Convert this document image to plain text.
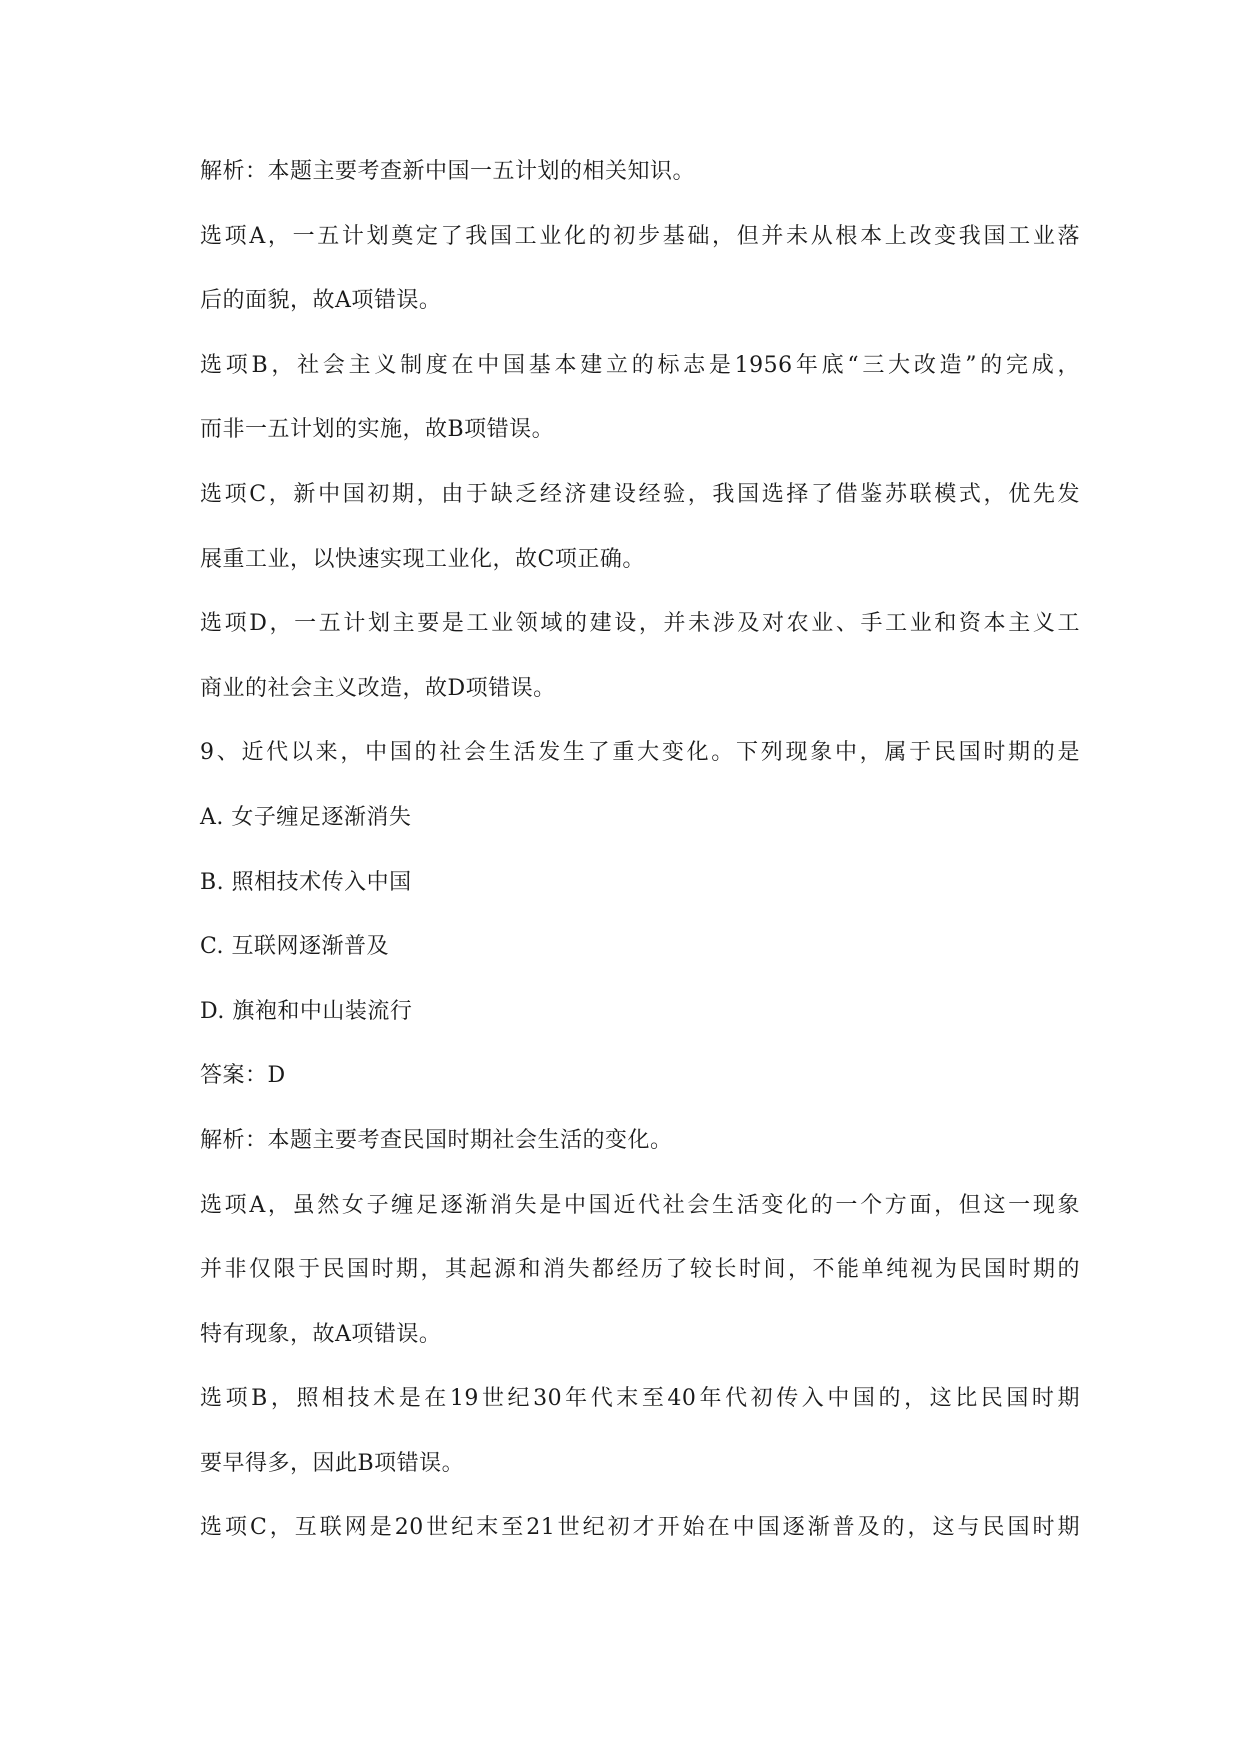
解析：本题主要考查新中国一五计划的相关知识。
选项A，一五计划奠定了我国工业化的初步基础，但并未从根本上改变我国工业落
后的面貌，故A项错误。
选项B，社会主义制度在中国基本建立的标志是1956年底“三大改造”的完成，
而非一五计划的实施，故B项错误。
选项C，新中国初期，由于缺乏经济建设经验，我国选择了借鉴苏联模式，优先发
展重工业，以快速实现工业化，故C项正确。
选项D，一五计划主要是工业领域的建设，并未涉及对农业、手工业和资本主义工
商业的社会主义改造，故D项错误。
9、近代以来，中国的社会生活发生了重大变化。下列现象中，属于民国时期的是
A. 女子缠足逐渐消失
B. 照相技术传入中国
C. 互联网逐渐普及
D. 旗袍和中山装流行
答案：D
解析：本题主要考查民国时期社会生活的变化。
选项A，虽然女子缠足逐渐消失是中国近代社会生活变化的一个方面，但这一现象
并非仅限于民国时期，其起源和消失都经历了较长时间，不能单纯视为民国时期的
特有现象，故A项错误。
选项B，照相技术是在19世纪30年代末至40年代初传入中国的，这比民国时期
要早得多，因此B项错误。
选项C，互联网是20世纪末至21世纪初才开始在中国逐渐普及的，这与民国时期
